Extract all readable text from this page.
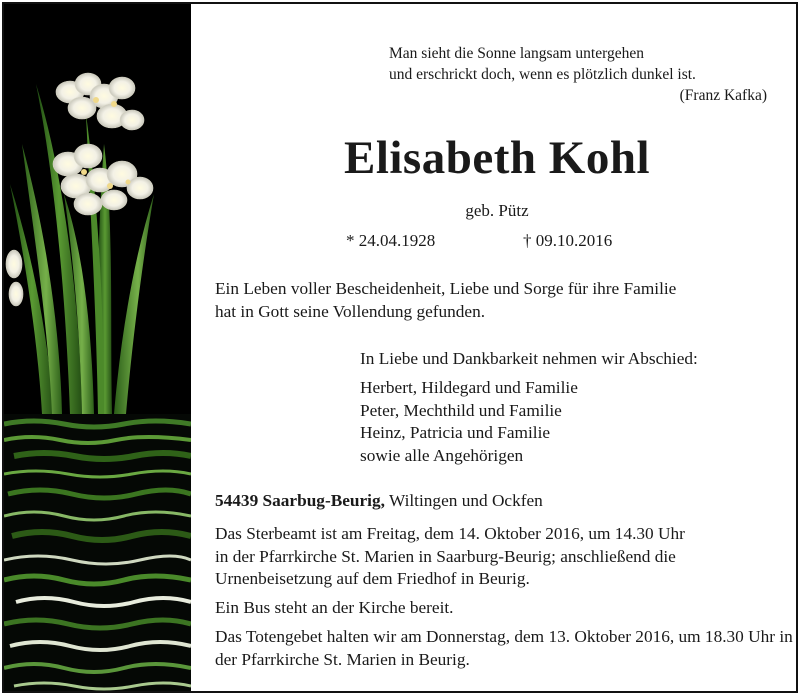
Man sieht die Sonne langsam untergehen
und erschrickt doch, wenn es plötzlich dunkel ist.
(Franz Kafka)
Elisabeth Kohl
geb. Pütz
* 24.04.1928	† 09.10.2016
Ein Leben voller Bescheidenheit, Liebe und Sorge für ihre Familie
hat in Gott seine Vollendung gefunden.
In Liebe und Dankbarkeit nehmen wir Abschied:
Herbert, Hildegard und Familie
Peter, Mechthild und Familie
Heinz, Patricia und Familie
sowie alle Angehörigen
54439 Saarbug-Beurig, Wiltingen und Ockfen
Das Sterbeamt ist am Freitag, dem 14. Oktober 2016, um 14.30 Uhr
in der Pfarrkirche St. Marien in Saarburg-Beurig; anschließend die
Urnenbeisetzung auf dem Friedhof in Beurig.
Ein Bus steht an der Kirche bereit.
Das Totengebet halten wir am Donnerstag, dem 13. Oktober 2016, um 18.30 Uhr in der Pfarrkirche St. Marien in Beurig.
